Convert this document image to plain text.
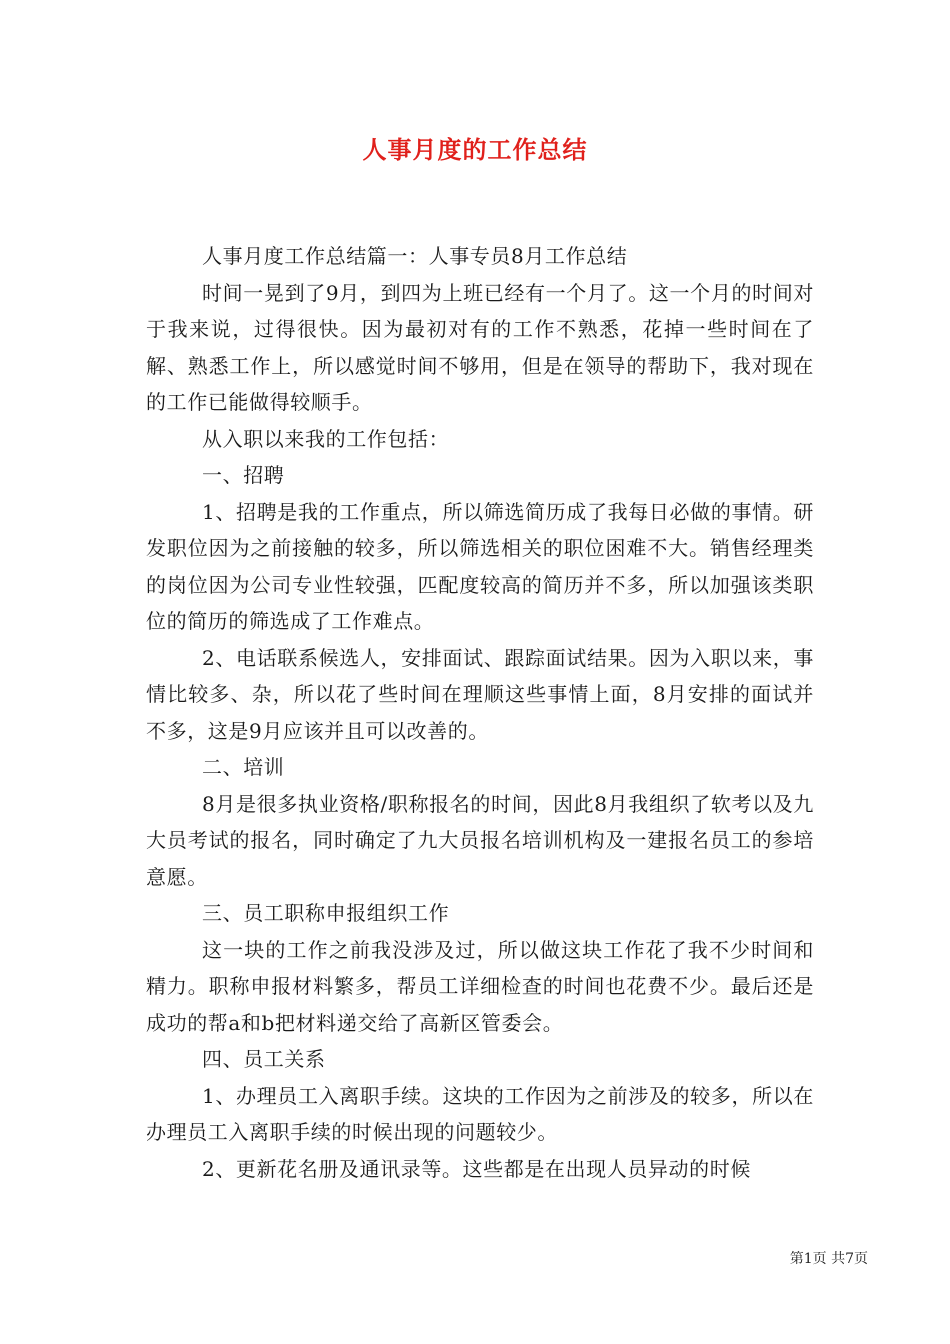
人事月度的工作总结

人事月度工作总结篇一：人事专员8月工作总结

时间一晃到了9月，到四为上班已经有一个月了。这一个月的时间对于我来说，过得很快。因为最初对有的工作不熟悉，花掉一些时间在了解、熟悉工作上，所以感觉时间不够用，但是在领导的帮助下，我对现在的工作已能做得较顺手。

从入职以来我的工作包括：

一、招聘

1、招聘是我的工作重点，所以筛选简历成了我每日必做的事情。研发职位因为之前接触的较多，所以筛选相关的职位困难不大。销售经理类的岗位因为公司专业性较强，匹配度较高的简历并不多，所以加强该类职位的简历的筛选成了工作难点。

2、电话联系候选人，安排面试、跟踪面试结果。因为入职以来，事情比较多、杂，所以花了些时间在理顺这些事情上面，8月安排的面试并不多，这是9月应该并且可以改善的。

二、培训

8月是很多执业资格/职称报名的时间，因此8月我组织了软考以及九大员考试的报名，同时确定了九大员报名培训机构及一建报名员工的参培意愿。

三、员工职称申报组织工作

这一块的工作之前我没涉及过，所以做这块工作花了我不少时间和精力。职称申报材料繁多，帮员工详细检查的时间也花费不少。最后还是成功的帮a和b把材料递交给了高新区管委会。

四、员工关系

1、办理员工入离职手续。这块的工作因为之前涉及的较多，所以在办理员工入离职手续的时候出现的问题较少。

2、更新花名册及通讯录等。这些都是在出现人员异动的时候

第1页 共7页
